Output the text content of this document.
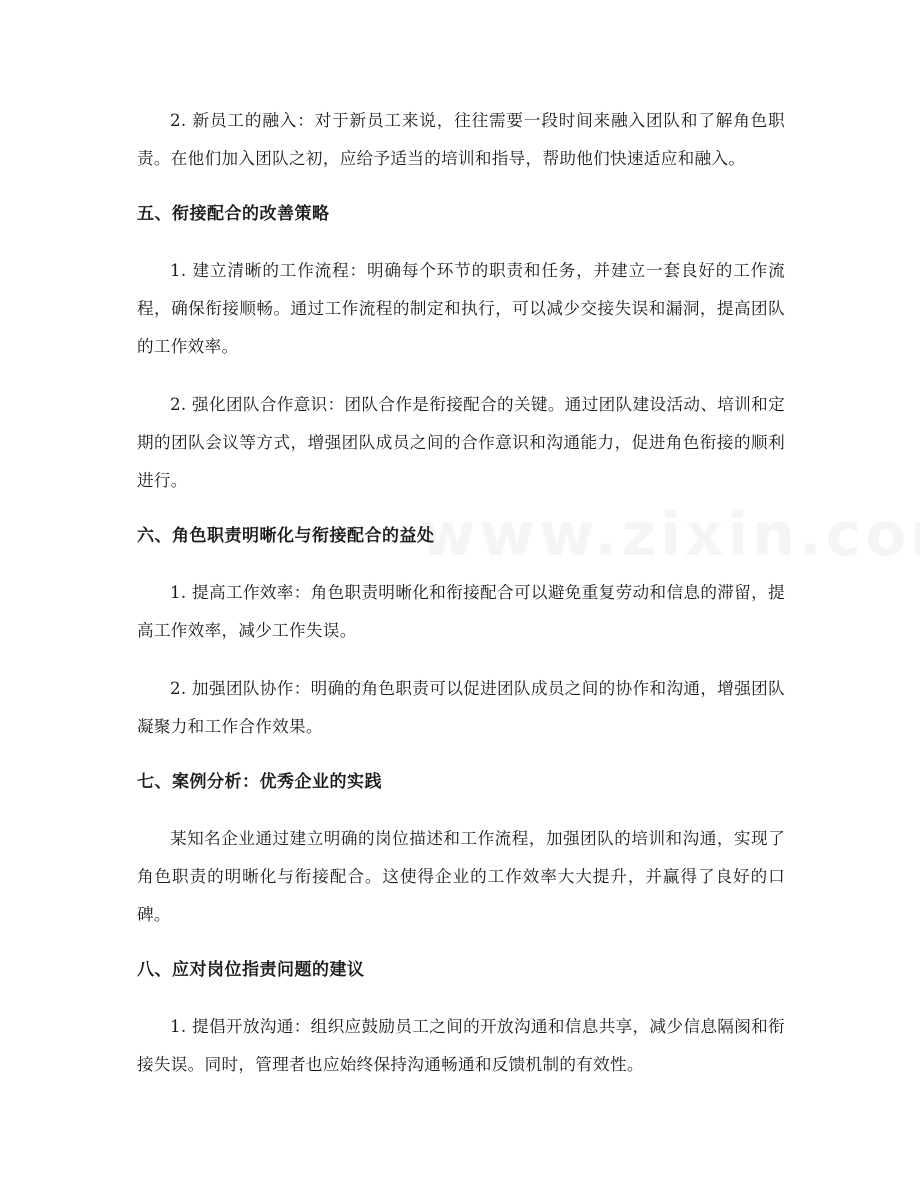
2. 新员工的融入：对于新员工来说，往往需要一段时间来融入团队和了解角色职责。在他们加入团队之初，应给予适当的培训和指导，帮助他们快速适应和融入。

五、衔接配合的改善策略

1. 建立清晰的工作流程：明确每个环节的职责和任务，并建立一套良好的工作流程，确保衔接顺畅。通过工作流程的制定和执行，可以减少交接失误和漏洞，提高团队的工作效率。

2. 强化团队合作意识：团队合作是衔接配合的关键。通过团队建设活动、培训和定期的团队会议等方式，增强团队成员之间的合作意识和沟通能力，促进角色衔接的顺利进行。

六、角色职责明晰化与衔接配合的益处

1. 提高工作效率：角色职责明晰化和衔接配合可以避免重复劳动和信息的滞留，提高工作效率，减少工作失误。

2. 加强团队协作：明确的角色职责可以促进团队成员之间的协作和沟通，增强团队凝聚力和工作合作效果。

七、案例分析：优秀企业的实践

某知名企业通过建立明确的岗位描述和工作流程，加强团队的培训和沟通，实现了角色职责的明晰化与衔接配合。这使得企业的工作效率大大提升，并赢得了良好的口碑。

八、应对岗位指责问题的建议

1. 提倡开放沟通：组织应鼓励员工之间的开放沟通和信息共享，减少信息隔阂和衔接失误。同时，管理者也应始终保持沟通畅通和反馈机制的有效性。
